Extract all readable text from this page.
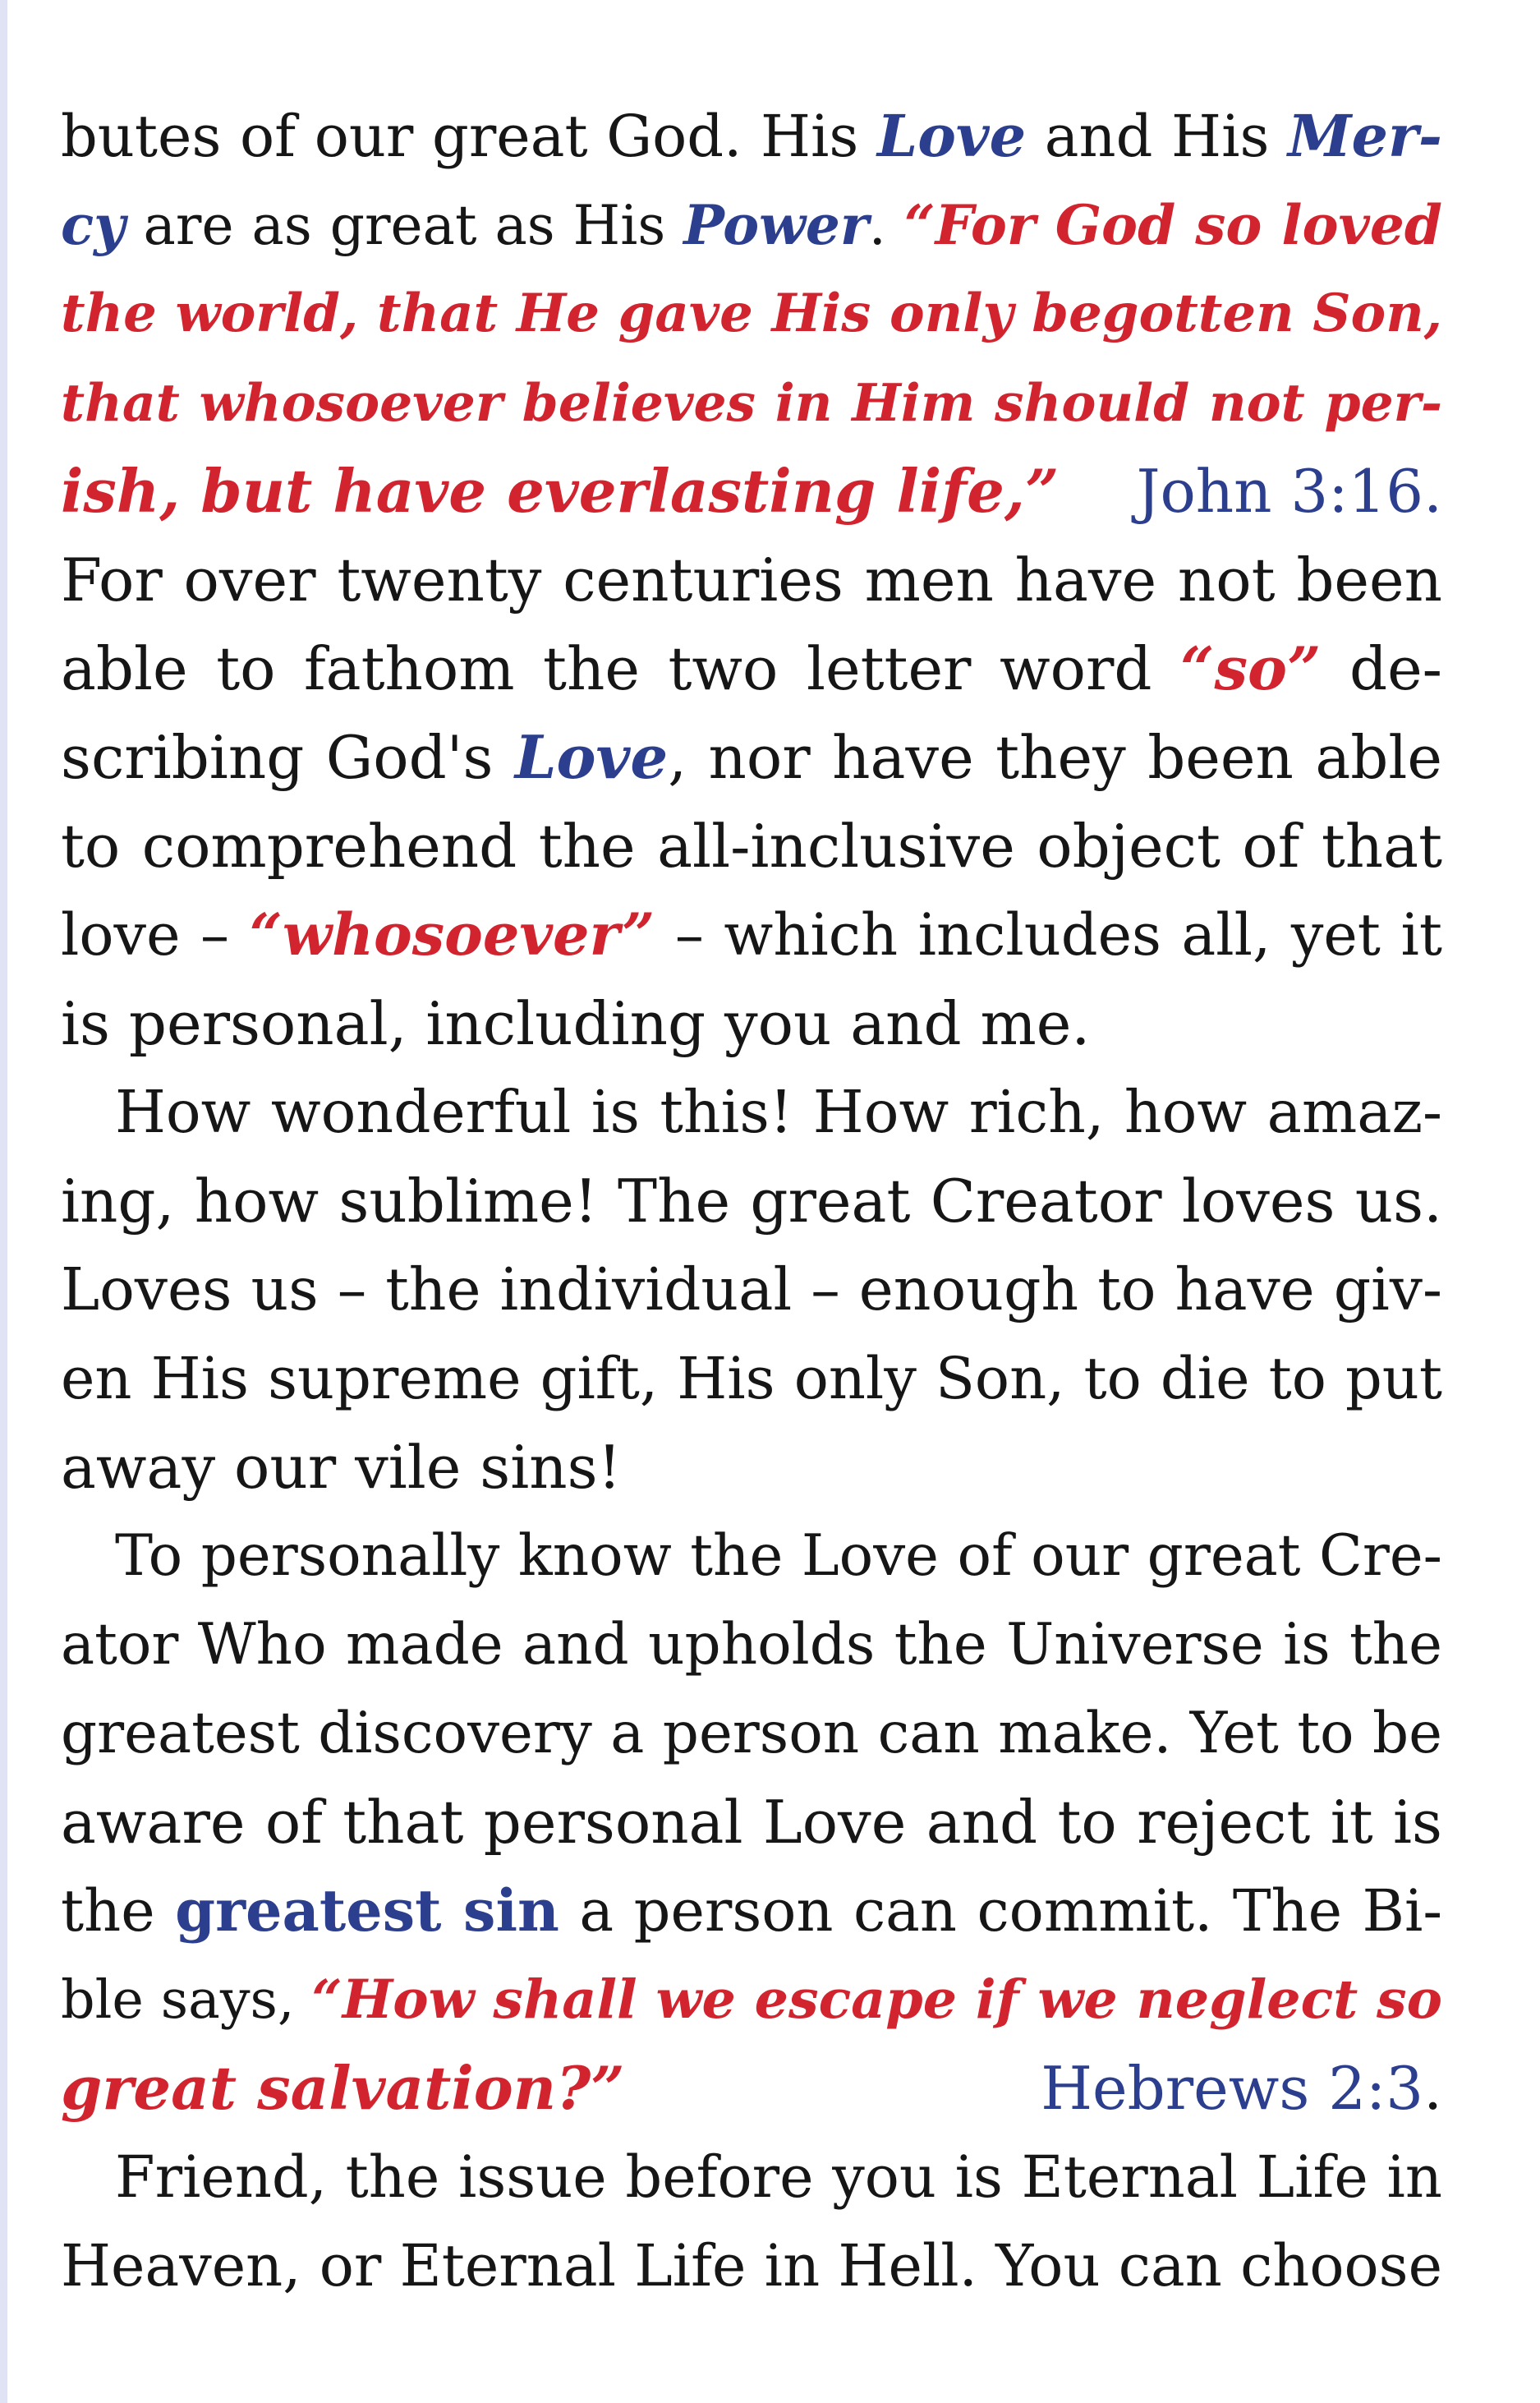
butes of our great God. His Love and His Mer-
cy are as great as His Power. “For God so loved
the world, that He gave His only begotten Son,
that whosoever believes in Him should not per-
ish, but have everlasting life,” John 3:16.
For over twenty centuries men have not been
able to fathom the two letter word “so” de-
scribing God's Love, nor have they been able
to comprehend the all-inclusive object of that
love – “whosoever” – which includes all, yet it
is personal, including you and me.
How wonderful is this! How rich, how amaz-
ing, how sublime! The great Creator loves us.
Loves us – the individual – enough to have giv-
en His supreme gift, His only Son, to die to put
away our vile sins!
To personally know the Love of our great Cre-
ator Who made and upholds the Universe is the
greatest discovery a person can make. Yet to be
aware of that personal Love and to reject it is
the greatest sin a person can commit. The Bi-
ble says, “How shall we escape if we neglect so
great salvation?”	Hebrews 2:3.
Friend, the issue before you is Eternal Life in
Heaven, or Eternal Life in Hell. You can choose
